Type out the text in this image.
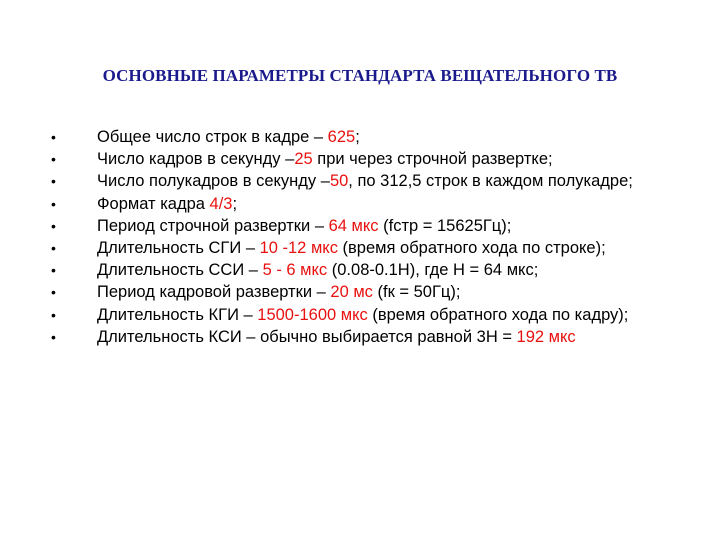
ОСНОВНЫЕ ПАРАМЕТРЫ СТАНДАРТА ВЕЩАТЕЛЬНОГО ТВ
• Общее число строк в кадре – 625;
• Число кадров в секунду –25 при через строчной развертке;
• Число полукадров в секунду –50, по 312,5 строк в каждом полукадре;
• Формат кадра 4/3;
• Период строчной развертки – 64 мкс (fстр = 15625Гц);
• Длительность СГИ – 10 -12 мкс (время обратного хода по строке);
• Длительность ССИ – 5 - 6 мкс (0.08-0.1Н), где Н = 64 мкс;
• Период кадровой развертки – 20 мс (fк = 50Гц);
• Длительность КГИ – 1500-1600 мкс (время обратного хода по кадру);
• Длительность КСИ – обычно выбирается равной 3Н = 192 мкс
